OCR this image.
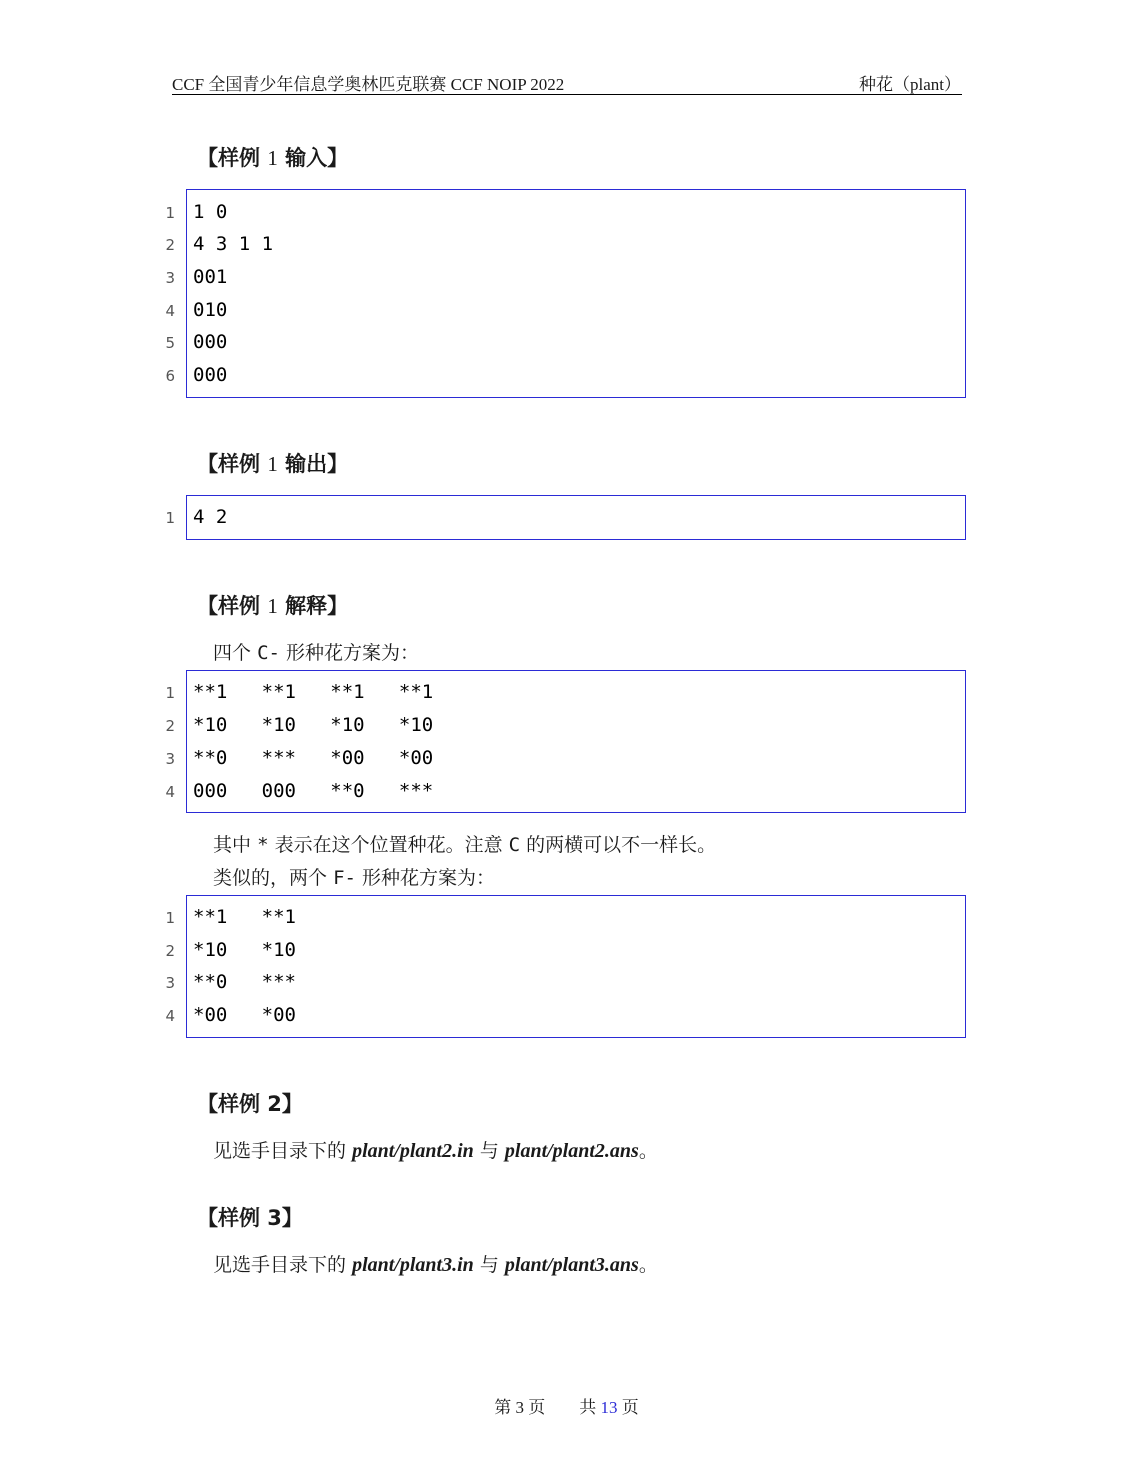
CCF 全国青少年信息学奥林匹克联赛 CCF NOIP 2022	种花（plant）
【样例 1 输入】
1 1 0
2 4 3 1 1
3 001
4 010
5 000
6 000
【样例 1 输出】
1 4 2
【样例 1 解释】
四个 C- 形种花方案为：
1 **1   **1   **1   **1
2 *10   *10   *10   *10
3 **0   ***   *00   *00
4 000   000   **0   ***
其中 * 表示在这个位置种花。注意 C 的两横可以不一样长。
类似的，两个 F- 形种花方案为：
1 **1   **1
2 *10   *10
3 **0   ***
4 *00   *00
【样例 2】
见选手目录下的 plant/plant2.in 与 plant/plant2.ans。
【样例 3】
见选手目录下的 plant/plant3.in 与 plant/plant3.ans。
第 3 页 共 13 页
